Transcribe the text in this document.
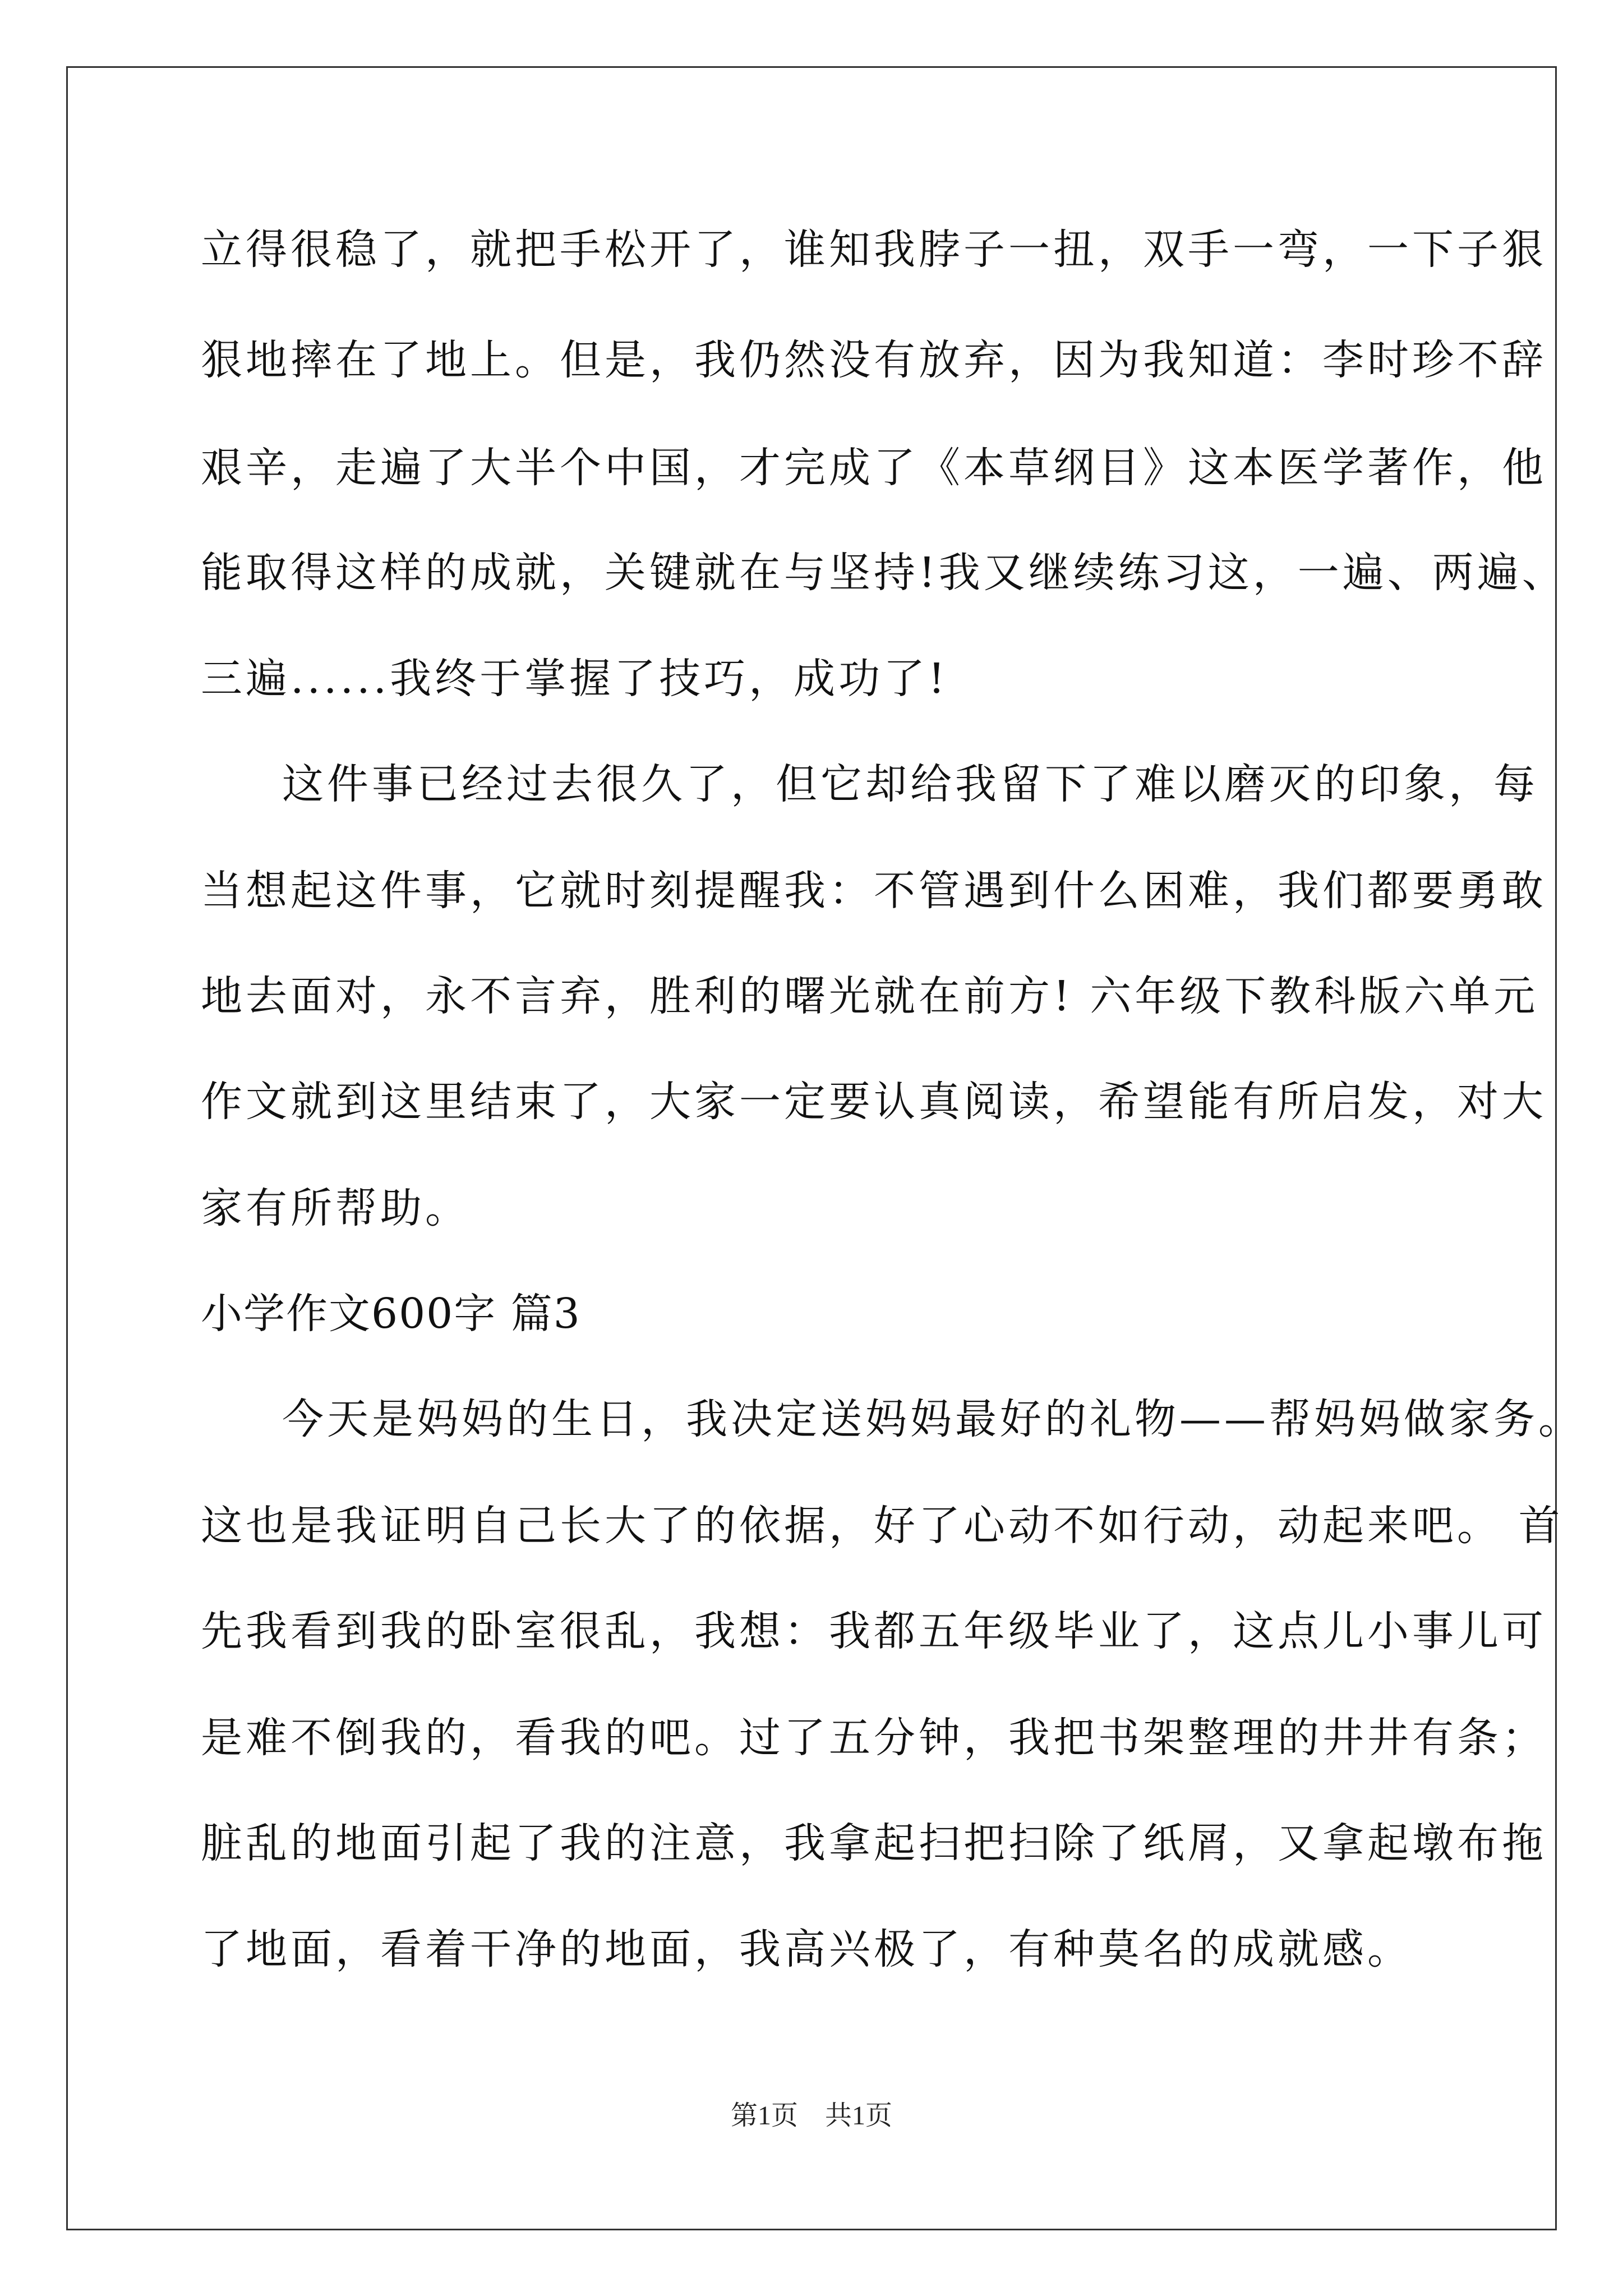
立得很稳了，就把手松开了，谁知我脖子一扭，双手一弯，一下子狠
狠地摔在了地上。但是，我仍然没有放弃，因为我知道：李时珍不辞
艰辛，走遍了大半个中国，才完成了《本草纲目》这本医学著作，他
能取得这样的成就，关键就在与坚持!我又继续练习这，一遍、两遍、
三遍......我终于掌握了技巧，成功了!
这件事已经过去很久了，但它却给我留下了难以磨灭的印象，每
当想起这件事，它就时刻提醒我：不管遇到什么困难，我们都要勇敢
地去面对，永不言弃，胜利的曙光就在前方! 六年级下教科版六单元
作文就到这里结束了，大家一定要认真阅读，希望能有所启发，对大
家有所帮助。
小学作文600字 篇3
今天是妈妈的生日，我决定送妈妈最好的礼物——帮妈妈做家务。
这也是我证明自己长大了的依据，好了心动不如行动，动起来吧。 首
先我看到我的卧室很乱，我想：我都五年级毕业了，这点儿小事儿可
是难不倒我的，看我的吧。过了五分钟，我把书架整理的井井有条；
脏乱的地面引起了我的注意，我拿起扫把扫除了纸屑，又拿起墩布拖
了地面，看着干净的地面，我高兴极了，有种莫名的成就感。
第1页 共1页
